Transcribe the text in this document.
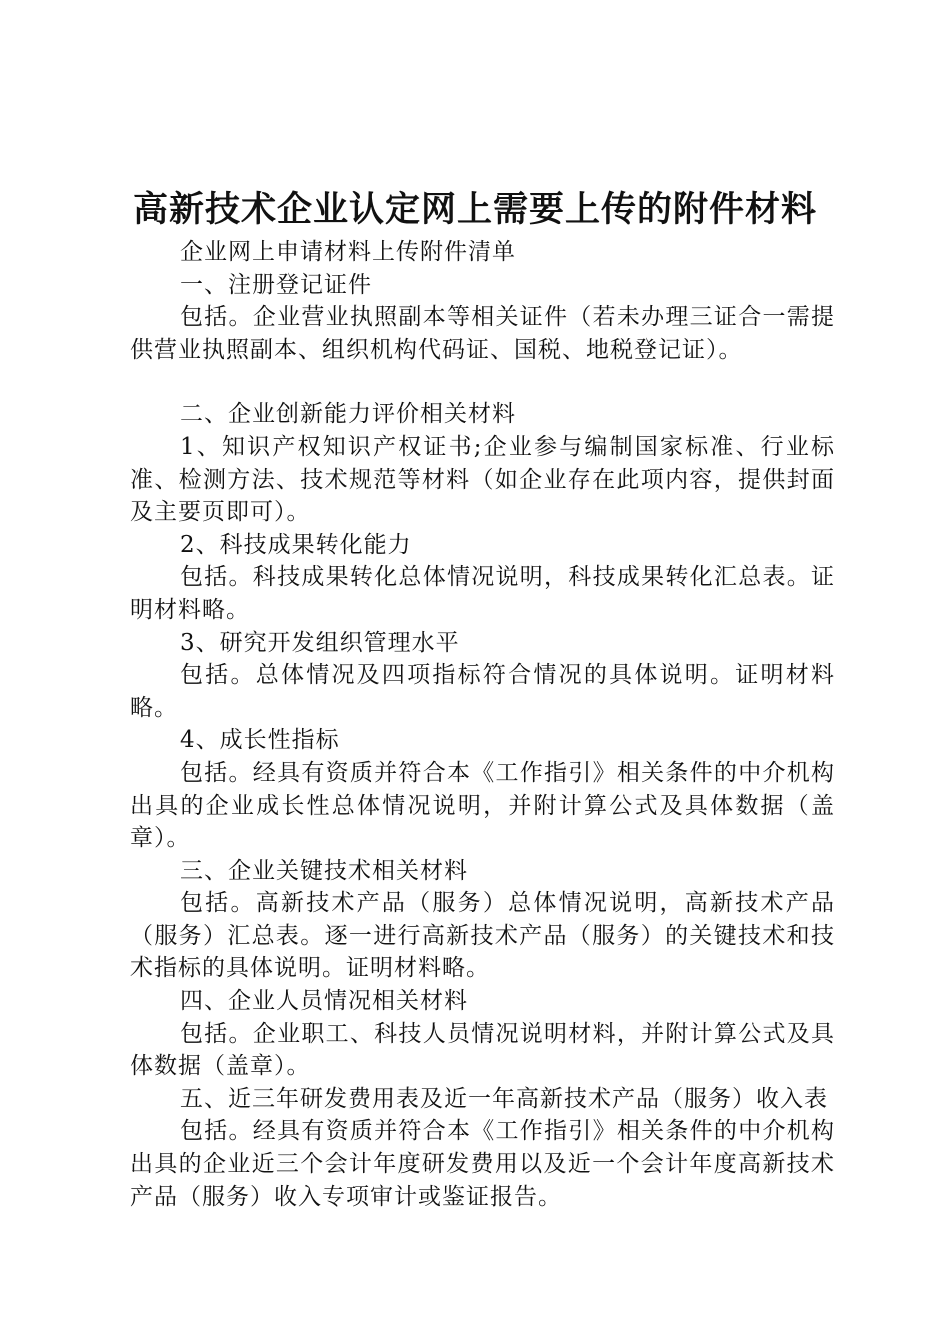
高新技术企业认定网上需要上传的附件材料

企业网上申请材料上传附件清单

一、注册登记证件

包括。企业营业执照副本等相关证件（若未办理三证合一需提供营业执照副本、组织机构代码证、国税、地税登记证）。

二、企业创新能力评价相关材料

1、知识产权知识产权证书;企业参与编制国家标准、行业标准、检测方法、技术规范等材料（如企业存在此项内容，提供封面及主要页即可）。

2、科技成果转化能力

包括。科技成果转化总体情况说明，科技成果转化汇总表。证明材料略。

3、研究开发组织管理水平

包括。总体情况及四项指标符合情况的具体说明。证明材料略。

4、成长性指标

包括。经具有资质并符合本《工作指引》相关条件的中介机构出具的企业成长性总体情况说明，并附计算公式及具体数据（盖章）。

三、企业关键技术相关材料

包括。高新技术产品（服务）总体情况说明，高新技术产品（服务）汇总表。逐一进行高新技术产品（服务）的关键技术和技术指标的具体说明。证明材料略。

四、企业人员情况相关材料

包括。企业职工、科技人员情况说明材料，并附计算公式及具体数据（盖章）。

五、近三年研发费用表及近一年高新技术产品（服务）收入表

包括。经具有资质并符合本《工作指引》相关条件的中介机构出具的企业近三个会计年度研发费用以及近一个会计年度高新技术产品（服务）收入专项审计或鉴证报告。
